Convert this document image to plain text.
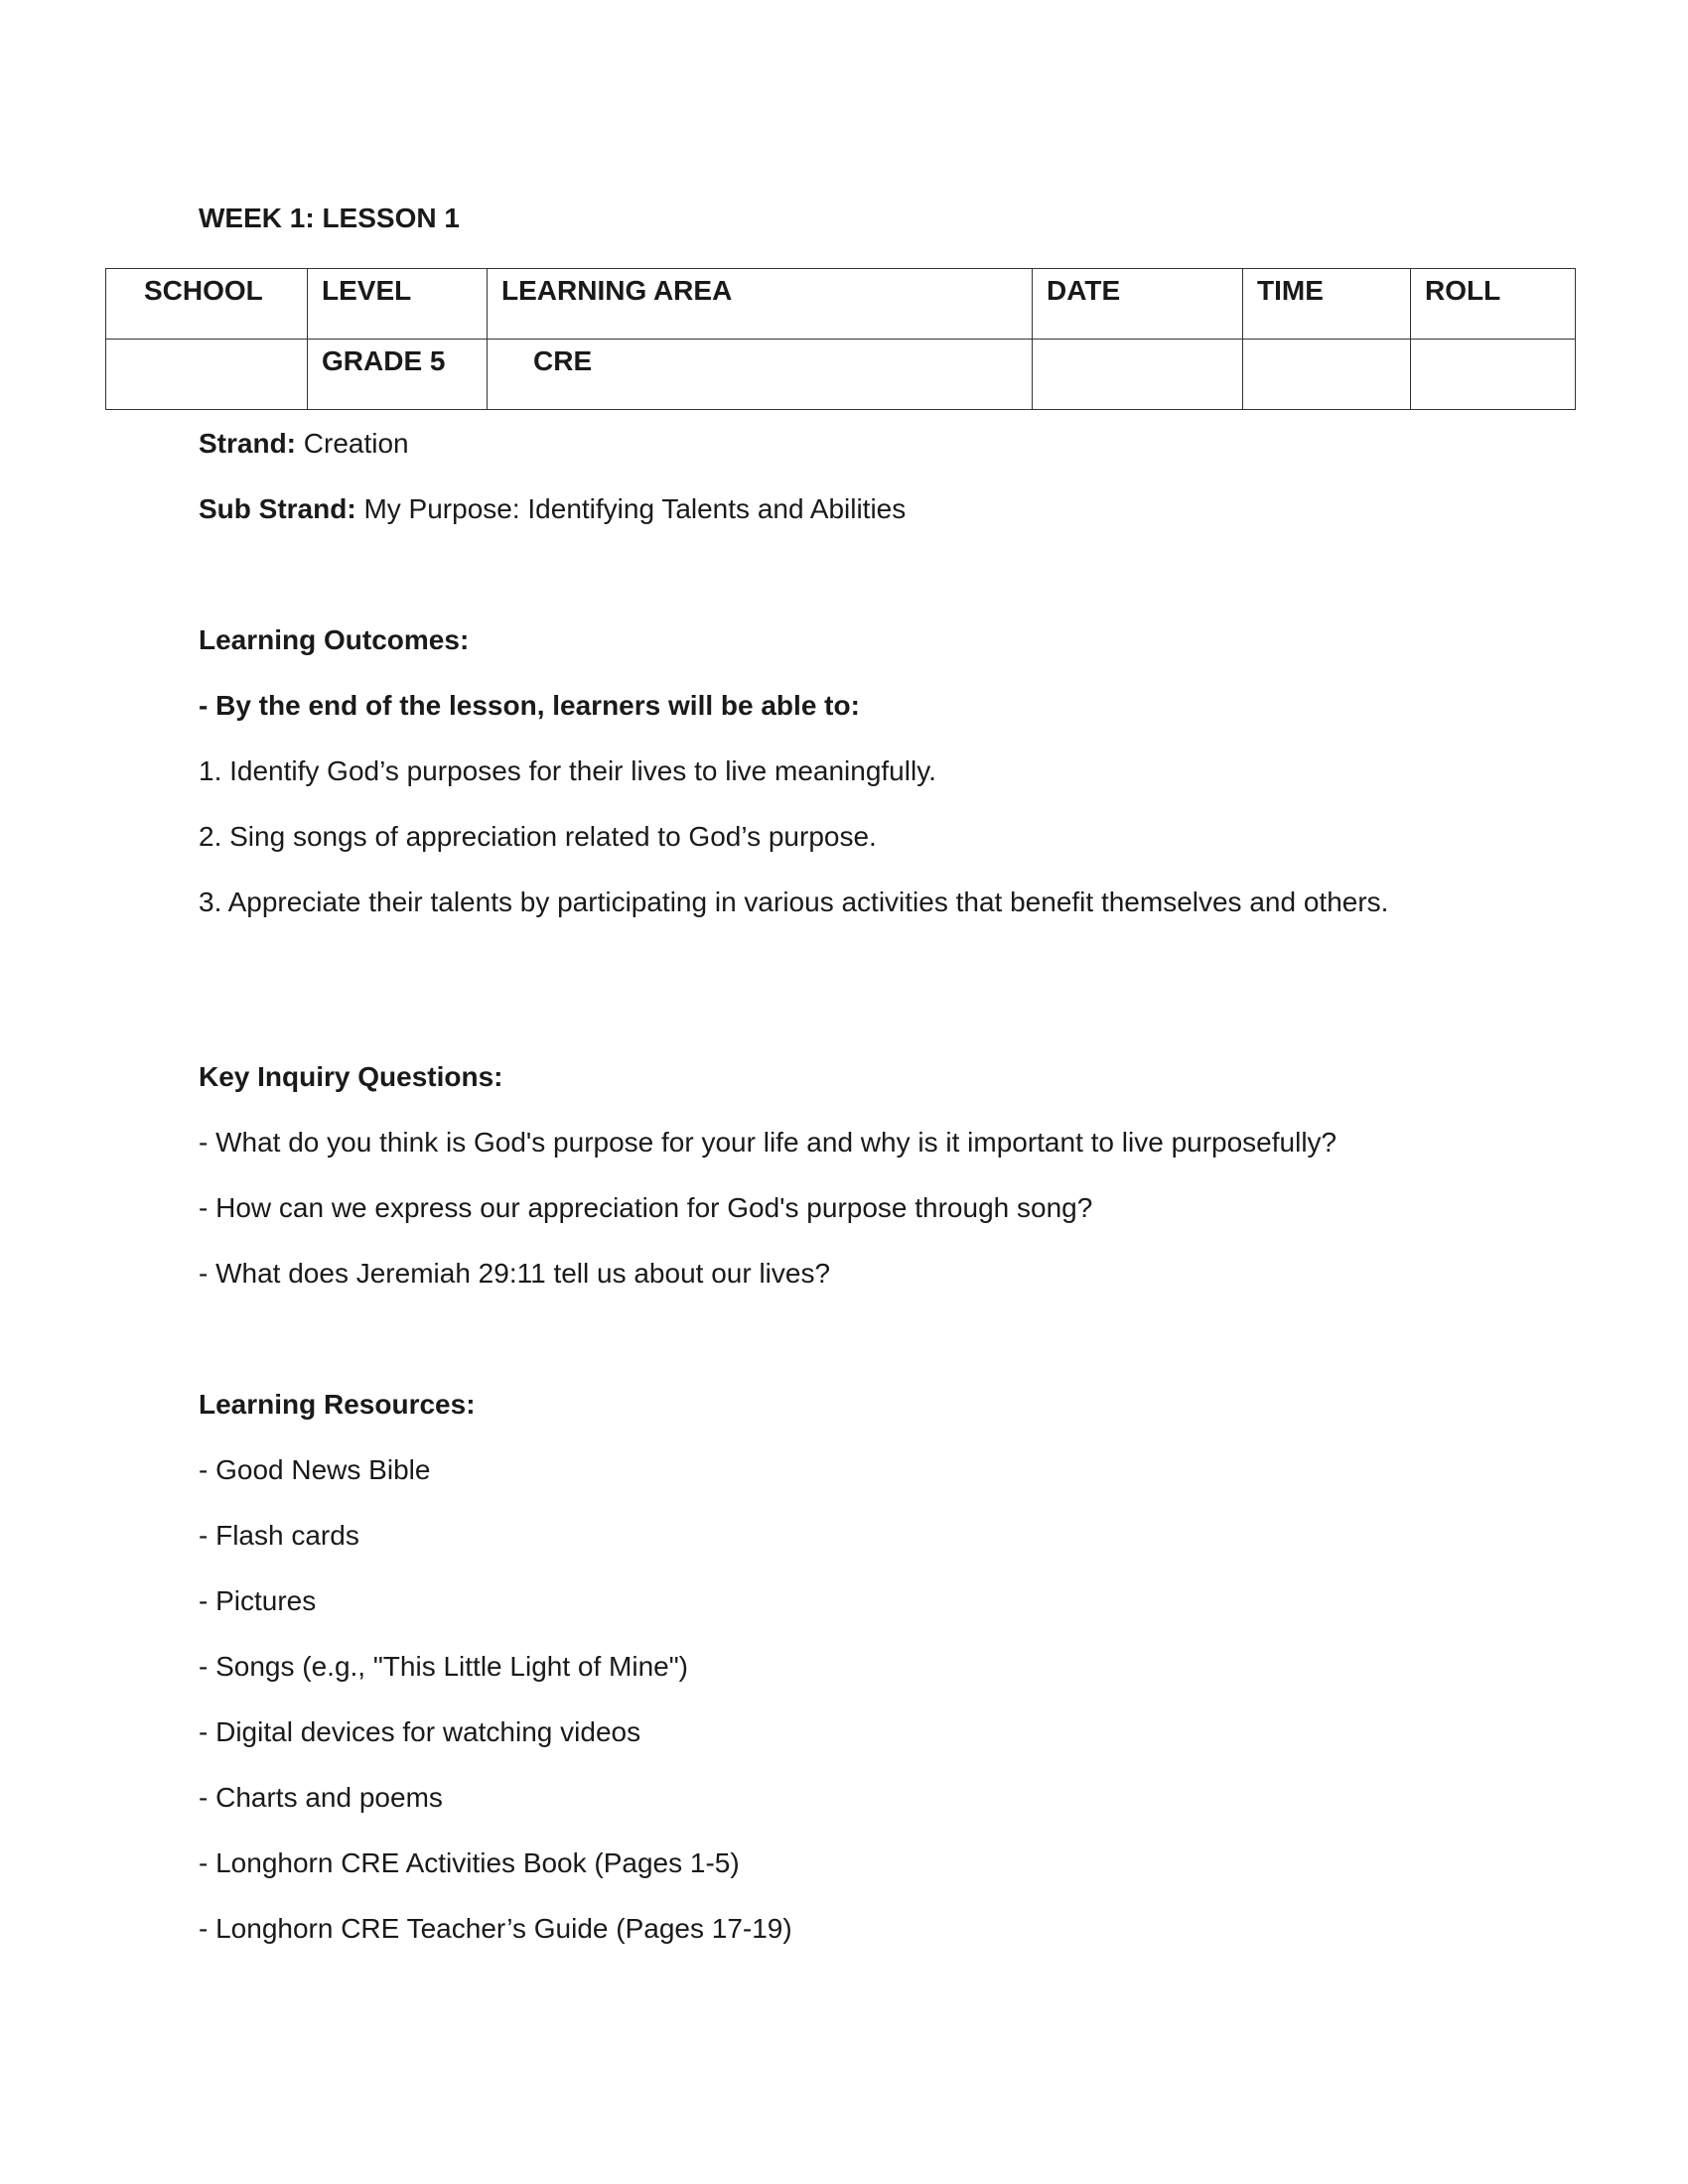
WEEK 1: LESSON 1
SCHOOL	LEVEL	LEARNING AREA	DATE	TIME	ROLL
	GRADE 5	CRE			
Strand: Creation
Sub Strand: My Purpose: Identifying Talents and Abilities
Learning Outcomes:
- By the end of the lesson, learners will be able to:
1. Identify God’s purposes for their lives to live meaningfully.
2. Sing songs of appreciation related to God’s purpose.
3. Appreciate their talents by participating in various activities that benefit themselves and others.
Key Inquiry Questions:
- What do you think is God's purpose for your life and why is it important to live purposefully?
- How can we express our appreciation for God's purpose through song?
- What does Jeremiah 29:11 tell us about our lives?
Learning Resources:
- Good News Bible
- Flash cards
- Pictures
- Songs (e.g., "This Little Light of Mine")
- Digital devices for watching videos
- Charts and poems
- Longhorn CRE Activities Book (Pages 1-5)
- Longhorn CRE Teacher’s Guide (Pages 17-19)
